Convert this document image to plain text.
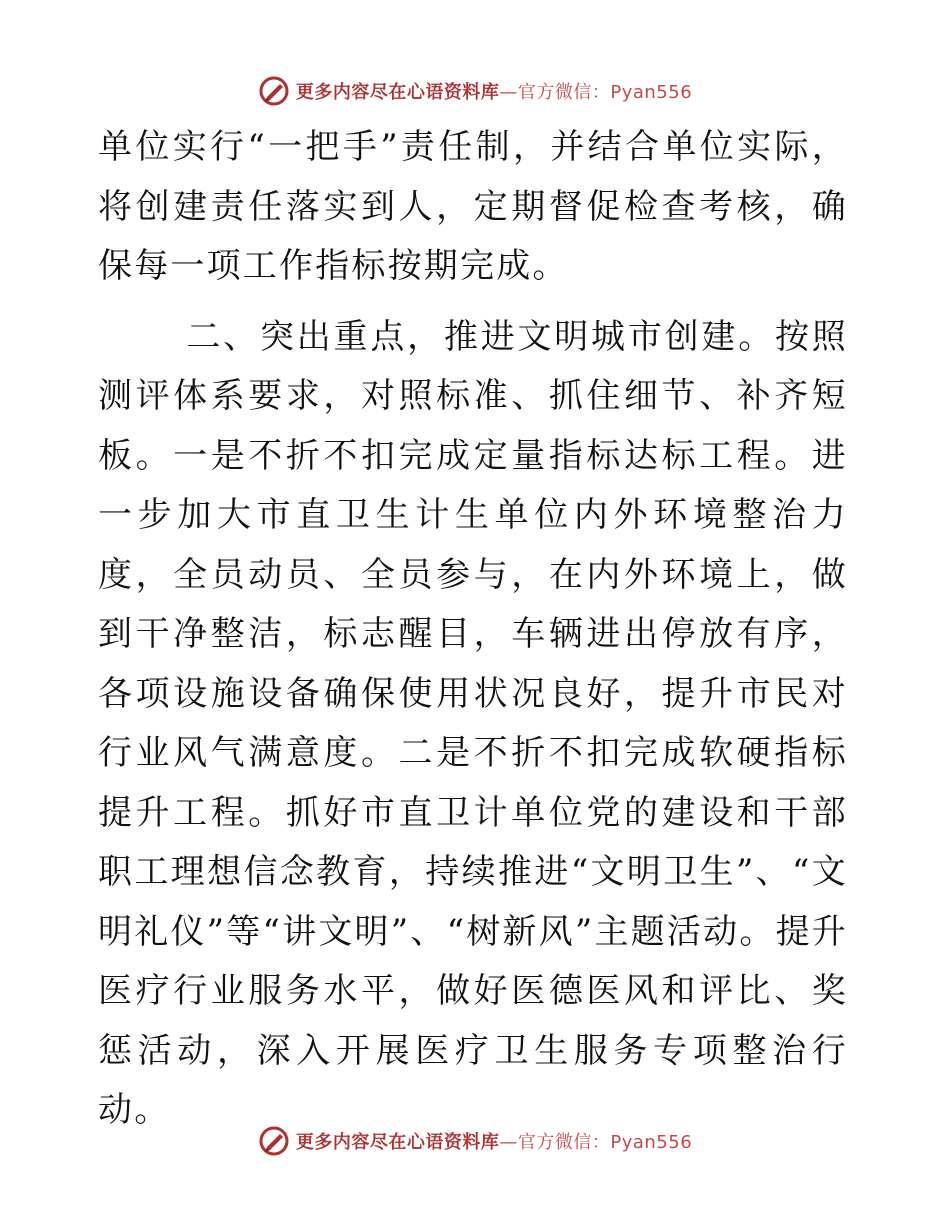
更多内容尽在心语资料库 —官方微信：Pyan556

单位实行“一把手”责任制，并结合单位实际，将创建责任落实到人，定期督促检查考核，确保每一项工作指标按期完成。

二、突出重点，推进文明城市创建。按照测评体系要求，对照标准、抓住细节、补齐短板。一是不折不扣完成定量指标达标工程。进一步加大市直卫生计生单位内外环境整治力度，全员动员、全员参与，在内外环境上，做到干净整洁，标志醒目，车辆进出停放有序，各项设施设备确保使用状况良好，提升市民对行业风气满意度。二是不折不扣完成软硬指标提升工程。抓好市直卫计单位党的建设和干部职工理想信念教育，持续推进“文明卫生”、“文明礼仪”等“讲文明”、“树新风”主题活动。提升医疗行业服务水平，做好医德医风和评比、奖惩活动，深入开展医疗卫生服务专项整治行动。

更多内容尽在心语资料库 —官方微信：Pyan556
